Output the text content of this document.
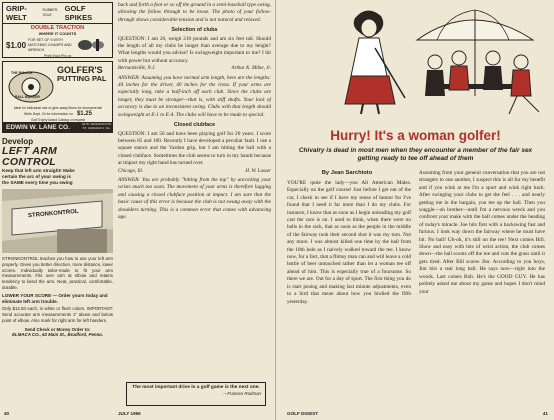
GRIP-WELT
RUBBER-SOLE
GOLF SPIKES
DOUBLE TRACTION
WHERE IT COUNTS
$1.00
FOR SET OF 5 WITH MATCHING CHAMPS AND WRENCH
Print Your Pro or
THE PALACE
BALL MARKER
GOLFER'S
PUTTING PAL
Ideal for individual use or give-away items for tournaments!
Write Dept. 24 for information on $1.25
Golf Trophy Award Catalog on request
EDWIN W. LANE CO.	32 W. WASHINGTON ST. CHICAGO 2, ILL.
Develop
LEFT ARM CONTROL
Keep that left arm straight! Make
certain the arc of your swing is
the SAME every time you swing
STRONKONTROL
STRONKONTROL teaches you how to use your left arm properly. Gives you better direction, more distance, lower scores. Individually tailor-made to fit your arm measurements. Fits over arm at elbow and retains tendency to bend the arm. Neat, practical, comfortable, durable.
LOWER YOUR SCORE — Order yours today and eliminate left arm trouble.
Only $12.50 each, in white or flesh colors. IMPORTANT: Send accurate arm measurements 1" above and below point of elbow. Also mark for right arm for left handers.
Send Check or Money Order to:
ELMACA CO., 62 Main St., Bradford, Penna.

back and forth a foot or so off the ground in a semi-baseball type swing, allowing the follow through to be loose. The photo of your follow-through shows considerable tension and is not natural and relaxed.

Selection of clubs

QUESTION: I am 20, weigh 210 pounds and am six feet tall. Should the length of all my clubs be longer than average due to my height? What lengths would you advise? Is swingweight important to me? I hit with power but without accuracy.

Bernardsville, N.J.	Arthur K. Milne, Jr.

ANSWER: Assuming you have normal arm length, here are the lengths: 44 inches for the driver, 40 inches for the irons. If your arms are especially long, take a half-inch off each club. Since the clubs are longer, they must be stronger—that is, with stiff shafts. Your lack of accuracy is due to an inconsistent swing. Clubs with that length should swingweight at E-1 to E-4. The clubs will have to be made to special.

Closed clubface

QUESTION: I am 50 and have been playing golf for 20 years. I score between 85 and 100. Recently I have developed a peculiar fault. I use a square stance and the Vardon grip, but I am hitting the ball with a closed clubface. Sometimes the club seems to turn in my hands because at impact my right hand has turned over.

Chicago, Ill.	H. W. Lasser

ANSWER: You are probably "hitting from the top" by uncocking your wrists much too soon. The movement of your arms is therefore lagging and causing a closed clubface position at impact. I am sure that the basic cause of this error is because the club is not swung away with the shoulders turning. This is a common error that comes with advancing age.

The most important drive in a golf game is the next one.
—Frances Rodman
40	JULY 1956
Hurry! It's a woman golfer!
Chivalry is dead in most men when they encounter a member of the fair sex getting ready to tee off ahead of them
By Jean Sarchioto

YOU'RE quite the lady—you All American Males. Especially on the golf course! Just before I get out of the car, I check to see if I have my sense of humor for I've found that I need it far more than I do my clubs. For instance, I know that as soon as I begin unloading my golf cart the race is on. I used to think, when there were no balls in the rack, that as soon as the people in the middle of the fairway took their second shot it was my turn. Not any more. I was almost killed one time by the ball from the 10th hole as I naively walked toward the tee. I know now, for a fact, that a flimsy man can and will leave a cold bottle of beer untouched rather than let a woman tee off ahead of him. This is especially true of a foursome. So there we are. Out for a day of sport. The first thing you do is start posing and making last minute adjustments, even to a bird that mean about how you birdied the fifth yesterday.

Assuming from your general conversation that you are not strangers to one another, I suspect this is all for my benefit and if you wink at me I'm a sport and wink right back. After swinging your clubs to get the feel . . . and nearly getting me in the bargain, you tee up the ball. Then you waggle—oh brother—until I'm a nervous wreck and you confront your make with the ball comes under the heading of today's miracle. Joe hits first with a backswing fast and furious. I look way down the fairway where he must have hit. No ball! Uh-oh, it's still on the tee! Next comes Bill. Show and easy with lots of wrist action, the club comes down—the ball scoots off the toe and cuts the grass until it gets tired. After Bill scores Jim. According to you boys, Jim hits a real long ball. He says now—right into the woods. Last comes Bob. He's the GOOD GUY. He has politely asked me about my game and hopes I don't mind your

GOLF DIGEST	41
